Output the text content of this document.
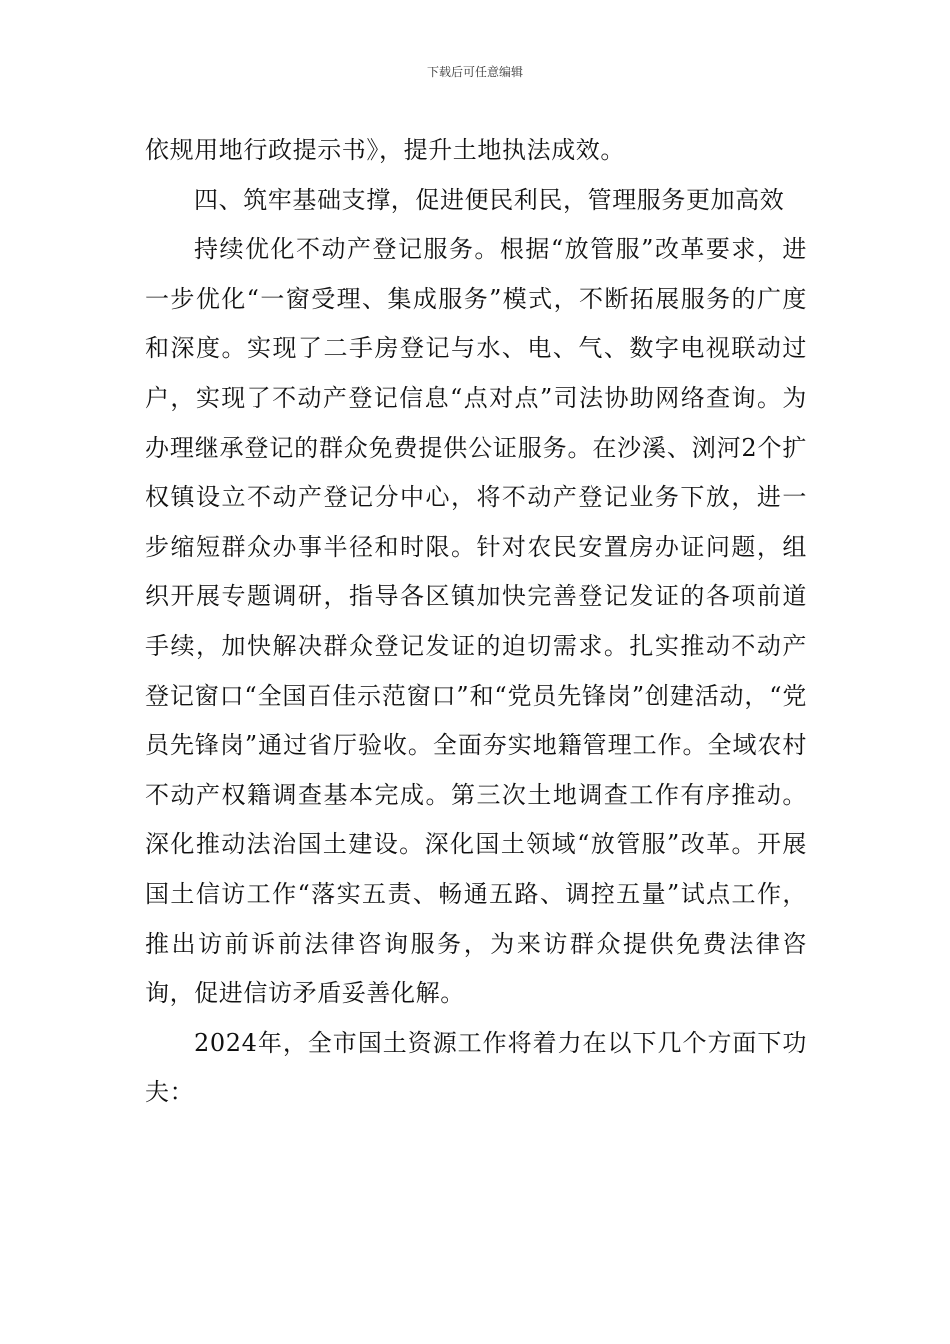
下载后可任意编辑

依规用地行政提示书》，提升土地执法成效。

四、筑牢基础支撑，促进便民利民，管理服务更加高效

持续优化不动产登记服务。根据“放管服”改革要求，进一步优化“一窗受理、集成服务”模式，不断拓展服务的广度和深度。实现了二手房登记与水、电、气、数字电视联动过户，实现了不动产登记信息“点对点”司法协助网络查询。为办理继承登记的群众免费提供公证服务。在沙溪、浏河2个扩权镇设立不动产登记分中心，将不动产登记业务下放，进一步缩短群众办事半径和时限。针对农民安置房办证问题，组织开展专题调研，指导各区镇加快完善登记发证的各项前道手续，加快解决群众登记发证的迫切需求。扎实推动不动产登记窗口“全国百佳示范窗口”和“党员先锋岗”创建活动，“党员先锋岗”通过省厅验收。全面夯实地籍管理工作。全域农村不动产权籍调查基本完成。第三次土地调查工作有序推动。深化推动法治国土建设。深化国土领域“放管服”改革。开展国土信访工作“落实五责、畅通五路、调控五量”试点工作，推出访前诉前法律咨询服务，为来访群众提供免费法律咨询，促进信访矛盾妥善化解。

2024年，全市国土资源工作将着力在以下几个方面下功夫：
